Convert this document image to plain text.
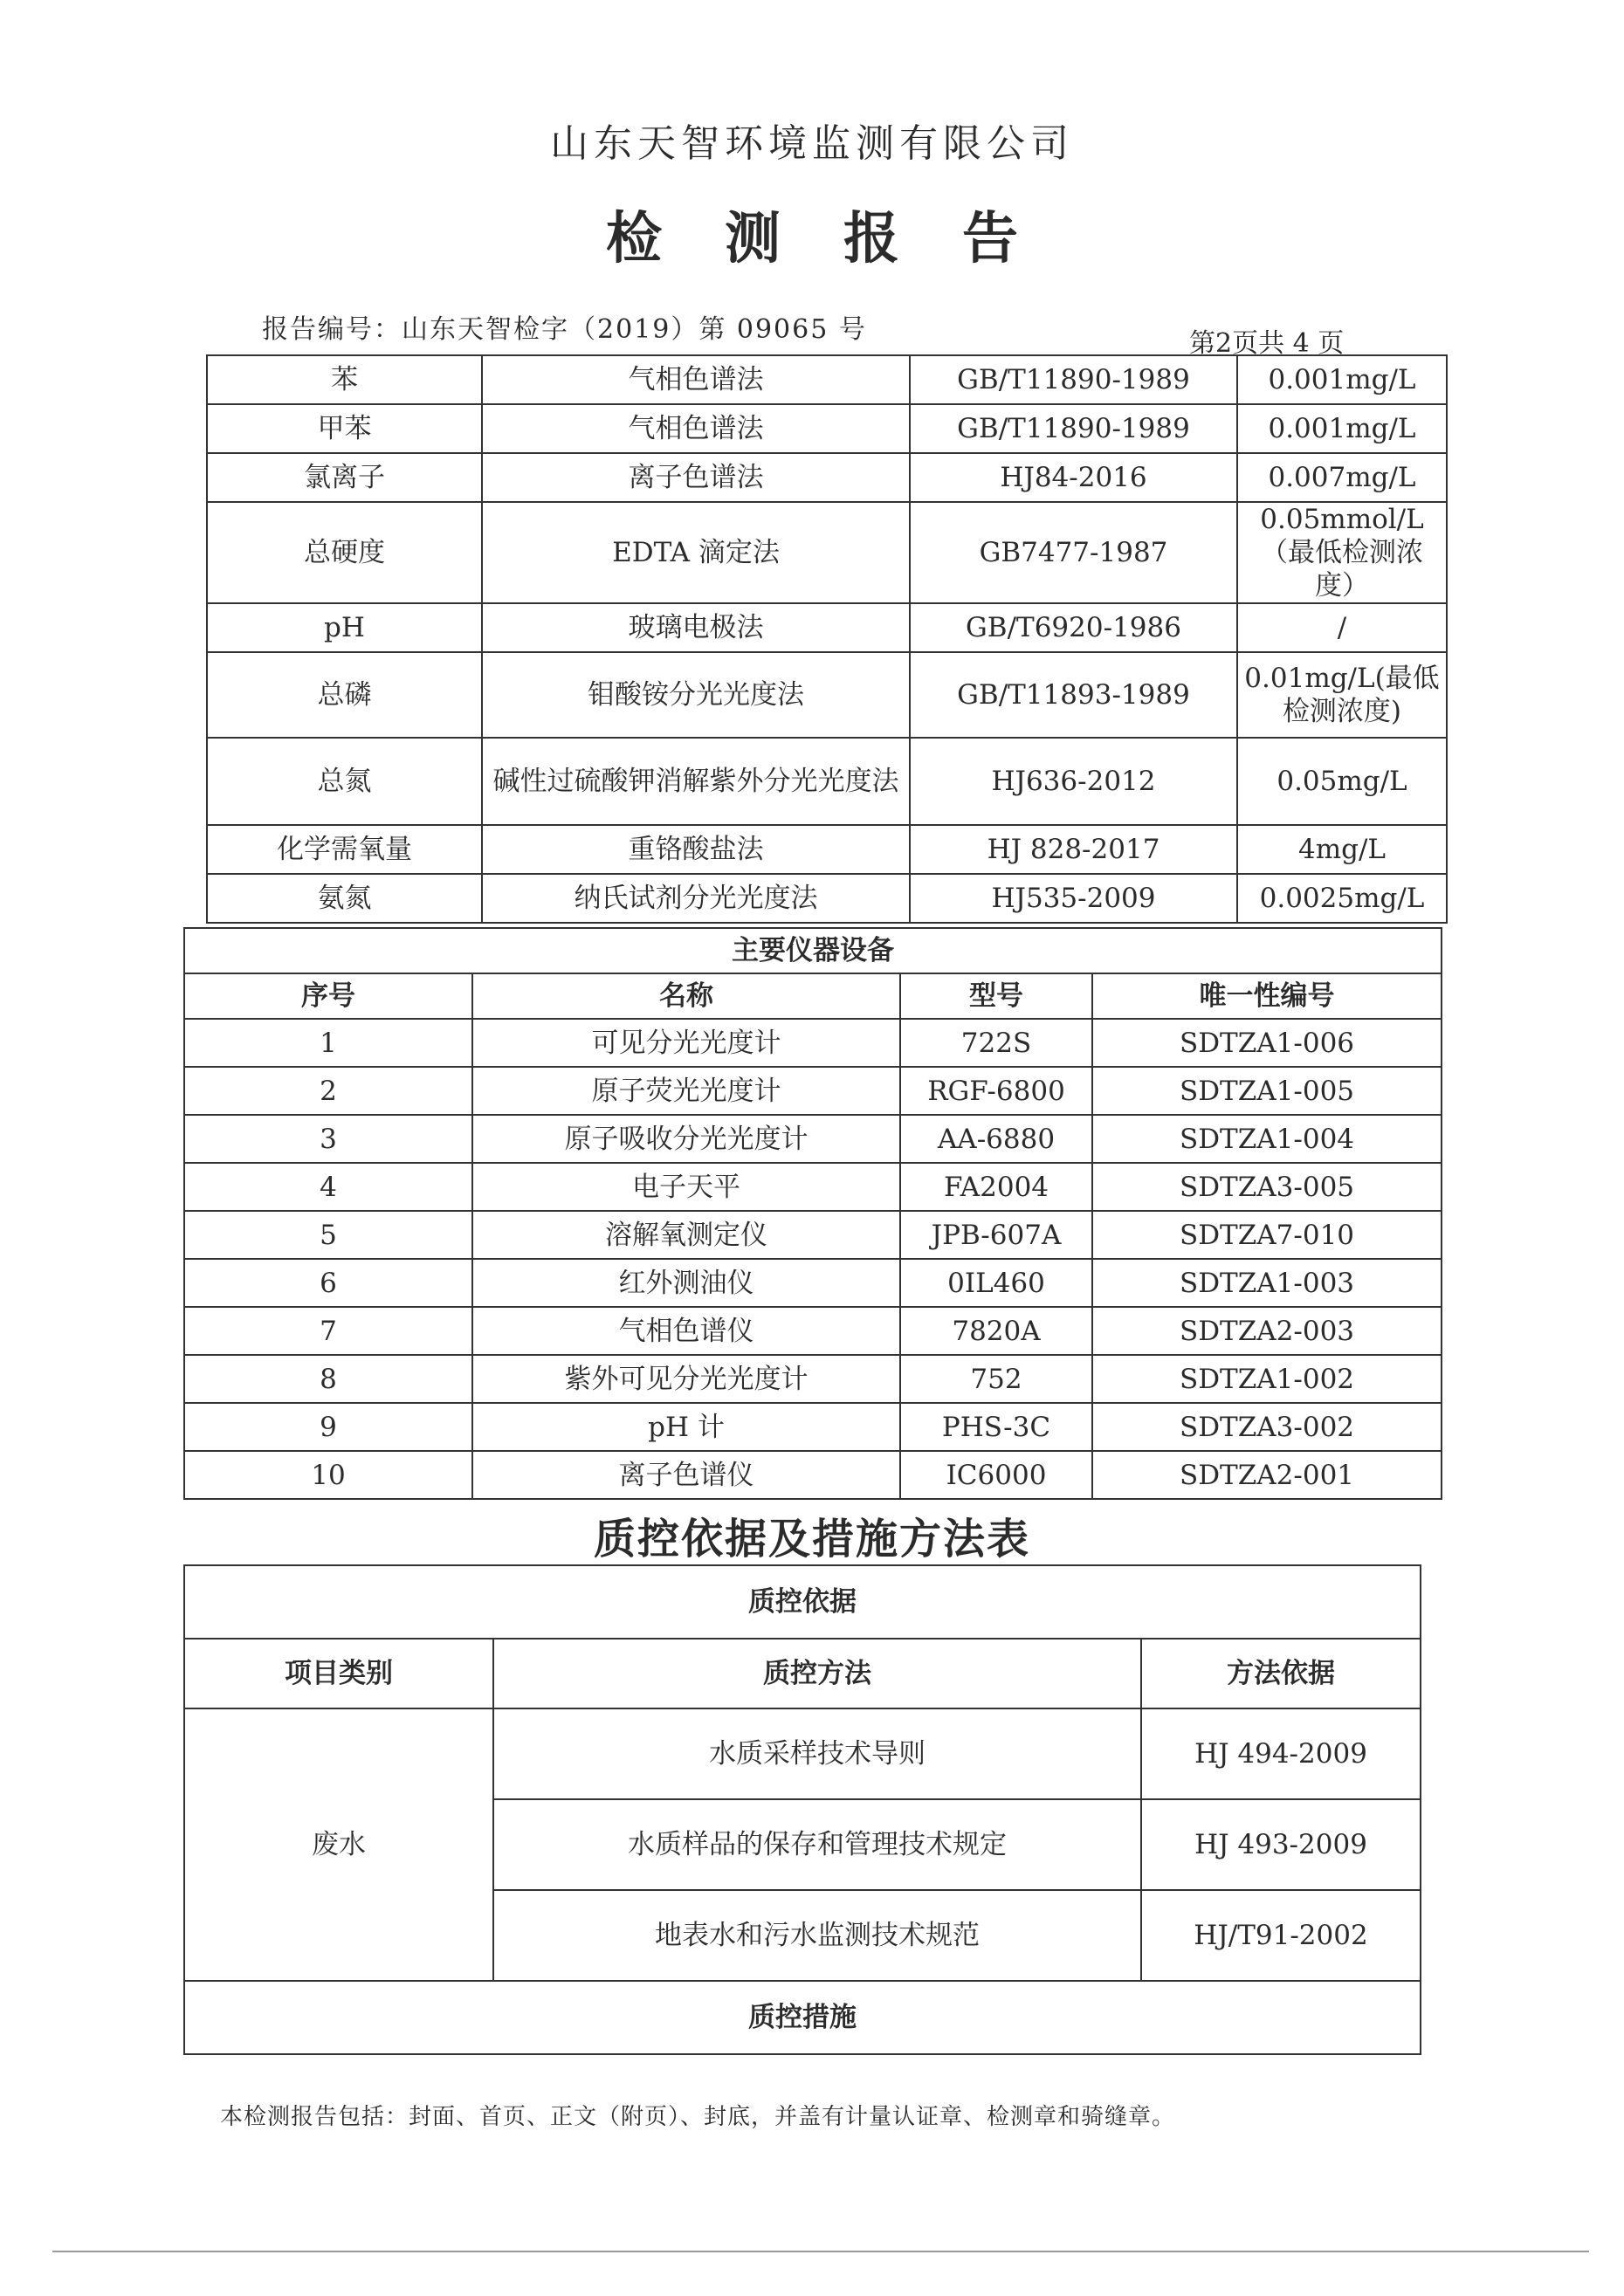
山东天智环境监测有限公司
检测报告
报告编号：山东天智检字（2019）第 09065 号	第2页共 4 页
苯	气相色谱法	GB/T11890-1989	0.001mg/L
甲苯	气相色谱法	GB/T11890-1989	0.001mg/L
氯离子	离子色谱法	HJ84-2016	0.007mg/L
总硬度	EDTA 滴定法	GB7477-1987	0.05mmol/L（最低检测浓度）
pH	玻璃电极法	GB/T6920-1986	/
总磷	钼酸铵分光光度法	GB/T11893-1989	0.01mg/L(最低检测浓度)
总氮	碱性过硫酸钾消解紫外分光光度法	HJ636-2012	0.05mg/L
化学需氧量	重铬酸盐法	HJ 828-2017	4mg/L
氨氮	纳氏试剂分光光度法	HJ535-2009	0.0025mg/L
主要仪器设备			
序号	名称	型号	唯一性编号
1	可见分光光度计	722S	SDTZA1-006
2	原子荧光光度计	RGF-6800	SDTZA1-005
3	原子吸收分光光度计	AA-6880	SDTZA1-004
4	电子天平	FA2004	SDTZA3-005
5	溶解氧测定仪	JPB-607A	SDTZA7-010
6	红外测油仪	0IL460	SDTZA1-003
7	气相色谱仪	7820A	SDTZA2-003
8	紫外可见分光光度计	752	SDTZA1-002
9	pH 计	PHS-3C	SDTZA3-002
10	离子色谱仪	IC6000	SDTZA2-001
质控依据及措施方法表
质控依据		
项目类别	质控方法	方法依据
废水	水质采样技术导则	HJ 494-2009
	水质样品的保存和管理技术规定	HJ 493-2009
	地表水和污水监测技术规范	HJ/T91-2002
质控措施		
本检测报告包括：封面、首页、正文（附页）、封底，并盖有计量认证章、检测章和骑缝章。
